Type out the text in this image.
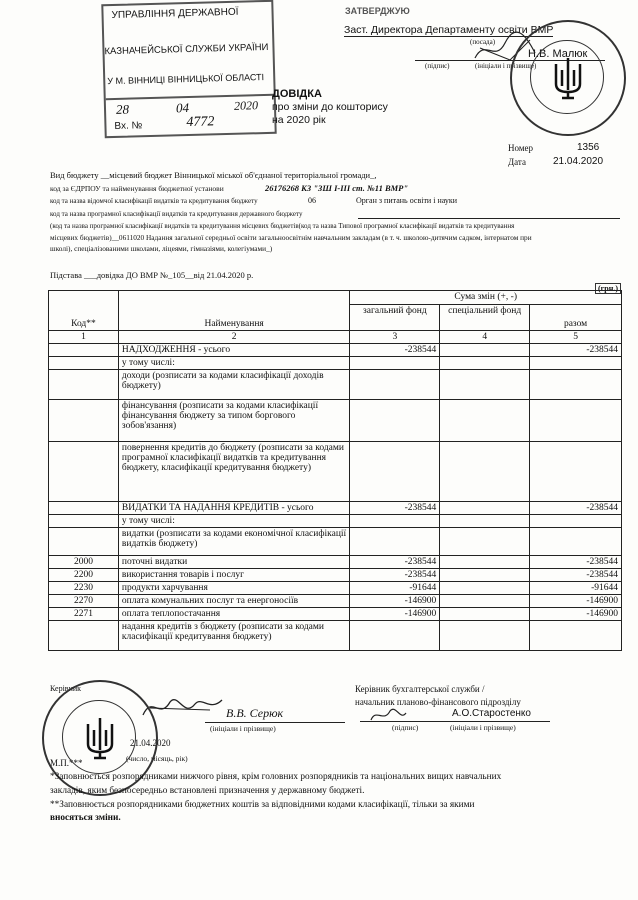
УПРАВЛІННЯ ДЕРЖАВНОЇ
КАЗНАЧЕЙСЬКОЇ СЛУЖБИ УКРАЇНИ
У М. ВІННИЦІ ВІННИЦЬКОЇ ОБЛАСТІ
28	04	2020
Вх. №	4772
ДОВІДКА
про зміни до кошторису
на 2020 рік
ЗАТВЕРДЖУЮ
Заст. Директора Департаменту освіти ВМР
(посада)
Н.В. Малюк
(підпис)	(ініціали і прізвище)
Номер	1356
Дата	21.04.2020
Вид бюджету __місцевий бюджет Вінницької міської об'єднаної територіальної громади_,
код за ЄДРПОУ та найменування бюджетної установи	26176268 КЗ "ЗШ І-ІІІ ст. №11 ВМР"
код та назва відомчої класифікації видатків та кредитування бюджету	06	Орган з питань освіти і науки
код та назва програмної класифікації видатків та кредитування державного бюджету
(код та назва програмної класифікації видатків та кредитування місцевих бюджетів(код та назва Типової програмної класифікації видатків та кредитування
місцевих бюджетів)__0611020 Надання загальної середньої освіти загальноосвітнім навчальним закладам (в т. ч. школою-дитячим садком, інтернатом при
школі), спеціалізованими школами, ліцеями, гімназіями, колегіумами_)
Підстава ___довідка ДО ВМР №_105__від 21.04.2020 р.
(грн.)
Код**	Найменування	Сума змін (+, -)		
		загальний фонд	спеціальний фонд	разом
1	2	3	4	5
	НАДХОДЖЕННЯ - усього	-238544		-238544
	у тому числі:			
	доходи (розписати за кодами класифікації доходів бюджету)			
	фінансування (розписати за кодами класифікації фінансування бюджету за типом боргового зобов'язання)			
	повернення кредитів до бюджету (розписати за кодами програмної класифікації видатків та кредитування бюджету, класифікації кредитування бюджету)			
	ВИДАТКИ ТА НАДАННЯ КРЕДИТІВ - усього	-238544		-238544
	у тому числі:			
	видатки (розписати за кодами економічної класифікації видатків бюджету)			
2000	поточні видатки	-238544		-238544
2200	використання товарів і послуг	-238544		-238544
2230	продукти харчування	-91644		-91644
2270	оплата комунальних послуг та енергоносіїв	-146900		-146900
2271	оплата теплопостачання	-146900		-146900
	надання кредитів з бюджету (розписати за кодами класифікації кредитування бюджету)			
Керівник
В.В. Серюк
(ініціали і прізвище)
21.04.2020
(число, місяць, рік)
М.П.***
Керівник бухгалтерської служби /
начальник планово-фінансового підрозділу
А.О.Старостенко
(підпис)	(ініціали і прізвище)
*Заповнюється розпорядниками нижчого рівня, крім головних розпорядників та національних вищих навчальних
закладів, яким безпосередньо встановлені призначення у державному бюджеті.
**Заповнюється розпорядниками бюджетних коштів за відповідними кодами класифікації, тільки за якими
вносяться зміни.
